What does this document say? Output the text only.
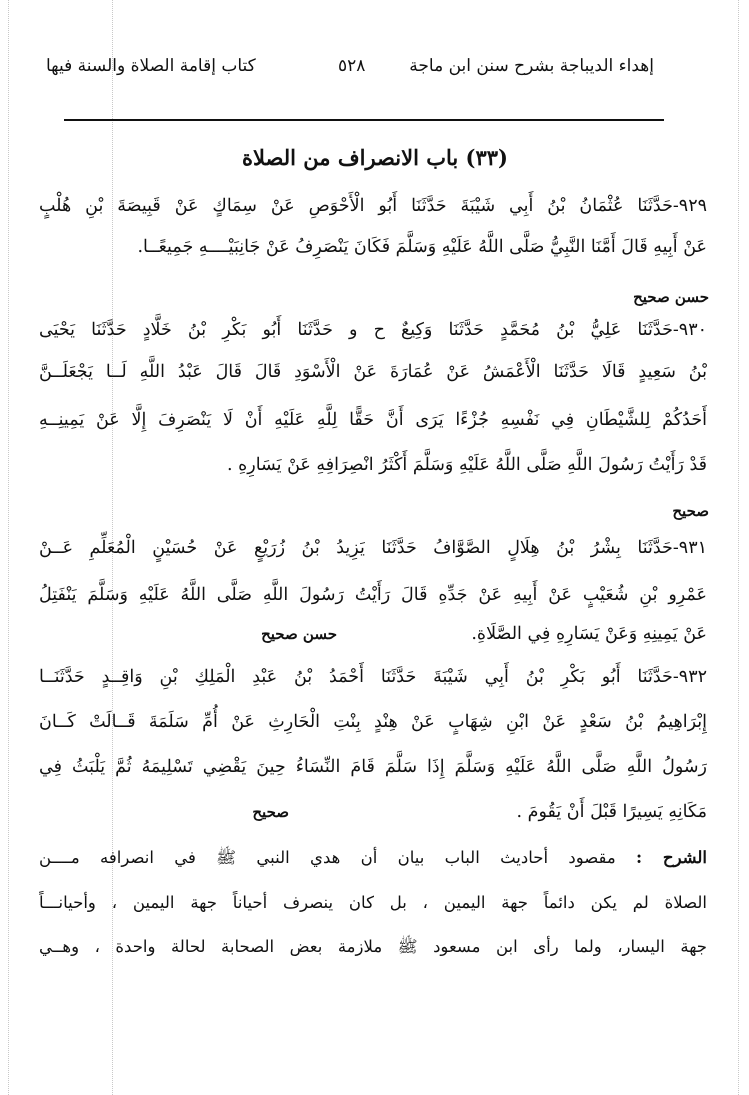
إهداء الديباجة بشرح سنن ابن ماجة
٥٢٨
كتاب إقامة الصلاة والسنة فيها
(٣٣) باب الانصراف من الصلاة
٩٢٩-حَدَّثَنَا عُثْمَانُ بْنُ أَبِي شَيْبَةَ حَدَّثَنَا أَبُو الْأَحْوَصِ عَنْ سِمَاكٍ عَنْ قَبِيصَةَ بْنِ هُلْبٍ
عَنْ أَبِيهِ قَالَ أَمَّنَا النَّبِيُّ صَلَّى اللَّهُ عَلَيْهِ وَسَلَّمَ فَكَانَ يَنْصَرِفُ عَنْ جَانِبَيْــــهِ جَمِيعًــا.
حسن صحيح
٩٣٠-حَدَّثَنَا عَلِيُّ بْنُ مُحَمَّدٍ حَدَّثَنَا وَكِيعٌ ح و حَدَّثَنَا أَبُو بَكْرِ بْنُ خَلَّادٍ حَدَّثَنَا يَحْيَى
بْنُ سَعِيدٍ قَالَا حَدَّثَنَا الْأَعْمَشُ عَنْ عُمَارَةَ عَنْ الْأَسْوَدِ قَالَ قَالَ عَبْدُ اللَّهِ لَــا يَجْعَلَــنَّ
أَحَدُكُمْ لِلشَّيْطَانِ فِي نَفْسِهِ جُزْءًا يَرَى أَنَّ حَقًّا لِلَّهِ عَلَيْهِ أَنْ لَا يَنْصَرِفَ إِلَّا عَنْ يَمِينِــهِ
قَدْ رَأَيْتُ رَسُولَ اللَّهِ صَلَّى اللَّهُ عَلَيْهِ وَسَلَّمَ أَكْثَرُ انْصِرَافِهِ عَنْ يَسَارِهِ .
صحيح
٩٣١-حَدَّثَنَا بِشْرُ بْنُ هِلَالٍ الصَّوَّافُ حَدَّثَنَا يَزِيدُ بْنُ زُرَيْعٍ عَنْ حُسَيْنٍ الْمُعَلِّمِ عَــنْ
عَمْرِو بْنِ شُعَيْبٍ عَنْ أَبِيهِ عَنْ جَدِّهِ قَالَ رَأَيْتُ رَسُولَ اللَّهِ صَلَّى اللَّهُ عَلَيْهِ وَسَلَّمَ يَنْفَتِلُ
عَنْ يَمِينِهِ وَعَنْ يَسَارِهِ فِي الصَّلَاةِ.
حسن صحيح
٩٣٢-حَدَّثَنَا أَبُو بَكْرِ بْنُ أَبِي شَيْبَةَ حَدَّثَنَا أَحْمَدُ بْنُ عَبْدِ الْمَلِكِ بْنِ وَاقِــدٍ حَدَّثَنَــا
إِبْرَاهِيمُ بْنُ سَعْدٍ عَنْ ابْنِ شِهَابٍ عَنْ هِنْدٍ بِنْتِ الْحَارِثِ عَنْ أُمِّ سَلَمَةَ قَــالَتْ كَــانَ
رَسُولُ اللَّهِ صَلَّى اللَّهُ عَلَيْهِ وَسَلَّمَ إِذَا سَلَّمَ قَامَ النِّسَاءُ حِينَ يَقْضِي تَسْلِيمَهُ ثُمَّ يَلْبَثُ فِي
مَكَانِهِ يَسِيرًا قَبْلَ أَنْ يَقُومَ .
صحيح
الشرح : مقصود أحاديث الباب بيان أن هدي النبي ﷺ في انصرافه مــــن
الصلاة لم يكن دائماً جهة اليمين ، بل كان ينصرف أحياناً جهة اليمين ، وأحيانـــاً
جهة اليسار، ولما رأى ابن مسعود ﷺ ملازمة بعض الصحابة لحالة واحدة ، وهــي
